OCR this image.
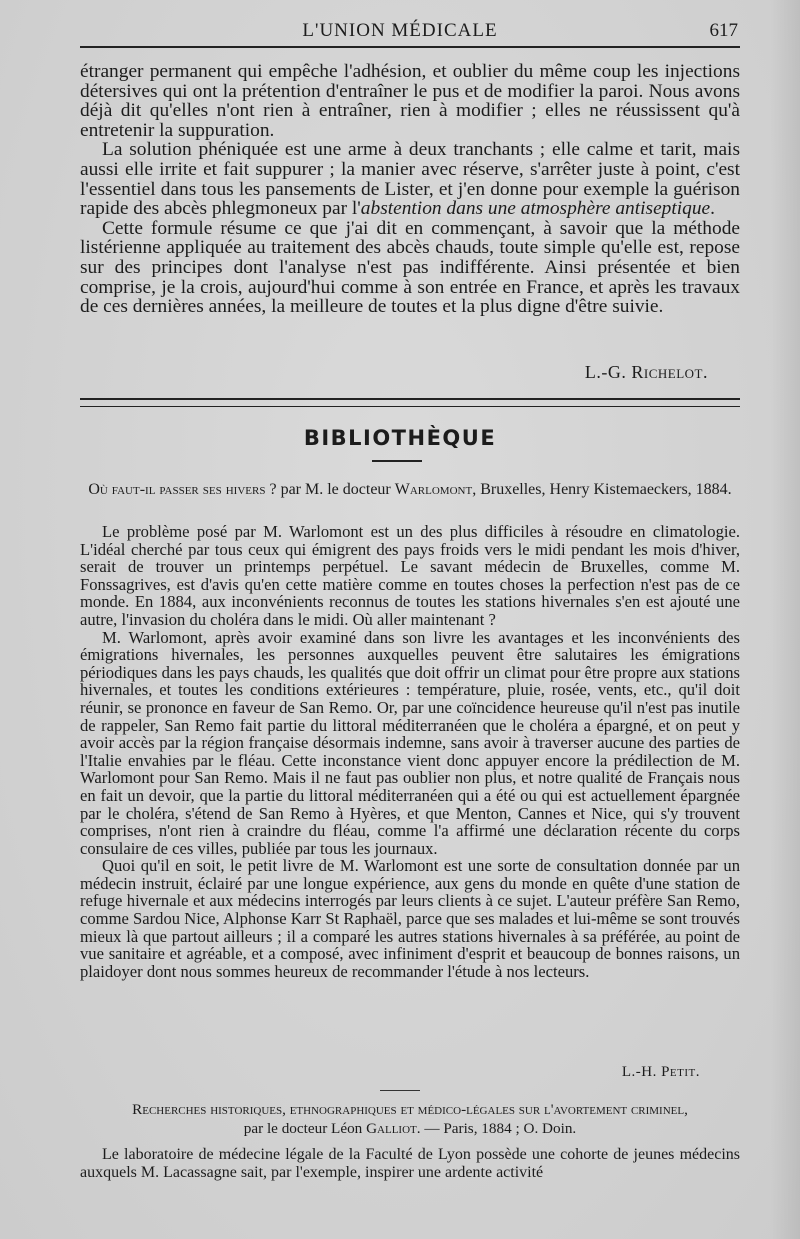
L'UNION MÉDICALE	617

étranger permanent qui empêche l'adhésion, et oublier du même coup les injections détersives qui ont la prétention d'entraîner le pus et de modifier la paroi. Nous avons déjà dit qu'elles n'ont rien à entraîner, rien à modifier ; elles ne réussissent qu'à entretenir la suppuration.

La solution phéniquée est une arme à deux tranchants ; elle calme et tarit, mais aussi elle irrite et fait suppurer ; la manier avec réserve, s'arrêter juste à point, c'est l'essentiel dans tous les pansements de Lister, et j'en donne pour exemple la guérison rapide des abcès phlegmoneux par l'abstention dans une atmosphère antiseptique.

Cette formule résume ce que j'ai dit en commençant, à savoir que la méthode listérienne appliquée au traitement des abcès chauds, toute simple qu'elle est, repose sur des principes dont l'analyse n'est pas indifférente. Ainsi présentée et bien comprise, je la crois, aujourd'hui comme à son entrée en France, et après les travaux de ces dernières années, la meilleure de toutes et la plus digne d'être suivie.

L.-G. Richelot.
BIBLIOTHÈQUE
Où faut-il passer ses hivers ? par M. le docteur Warlomont, Bruxelles, Henry Kistemaeckers, 1884.

Le problème posé par M. Warlomont est un des plus difficiles à résoudre en climatologie. L'idéal cherché par tous ceux qui émigrent des pays froids vers le midi pendant les mois d'hiver, serait de trouver un printemps perpétuel. Le savant médecin de Bruxelles, comme M. Fonssagrives, est d'avis qu'en cette matière comme en toutes choses la perfection n'est pas de ce monde. En 1884, aux inconvénients reconnus de toutes les stations hivernales s'en est ajouté une autre, l'invasion du choléra dans le midi. Où aller maintenant ?

M. Warlomont, après avoir examiné dans son livre les avantages et les inconvénients des émigrations hivernales, les personnes auxquelles peuvent être salutaires les émigrations périodiques dans les pays chauds, les qualités que doit offrir un climat pour être propre aux stations hivernales, et toutes les conditions extérieures : température, pluie, rosée, vents, etc., qu'il doit réunir, se prononce en faveur de San Remo. Or, par une coïncidence heureuse qu'il n'est pas inutile de rappeler, San Remo fait partie du littoral méditerranéen que le choléra a épargné, et on peut y avoir accès par la région française désormais indemne, sans avoir à traverser aucune des parties de l'Italie envahies par le fléau. Cette inconstance vient donc appuyer encore la prédilection de M. Warlomont pour San Remo. Mais il ne faut pas oublier non plus, et notre qualité de Français nous en fait un devoir, que la partie du littoral méditerranéen qui a été ou qui est actuellement épargnée par le choléra, s'étend de San Remo à Hyères, et que Menton, Cannes et Nice, qui s'y trouvent comprises, n'ont rien à craindre du fléau, comme l'a affirmé une déclaration récente du corps consulaire de ces villes, publiée par tous les journaux.

Quoi qu'il en soit, le petit livre de M. Warlomont est une sorte de consultation donnée par un médecin instruit, éclairé par une longue expérience, aux gens du monde en quête d'une station de refuge hivernale et aux médecins interrogés par leurs clients à ce sujet. L'auteur préfère San Remo, comme Sardou Nice, Alphonse Karr St Raphaël, parce que ses malades et lui-même se sont trouvés mieux là que partout ailleurs ; il a comparé les autres stations hivernales à sa préférée, au point de vue sanitaire et agréable, et a composé, avec infiniment d'esprit et beaucoup de bonnes raisons, un plaidoyer dont nous sommes heureux de recommander l'étude à nos lecteurs.

L.-H. Petit.
Recherches historiques, ethnographiques et médico-légales sur l'avortement criminel,
par le docteur Léon Galliot. — Paris, 1884 ; O. Doin.

Le laboratoire de médecine légale de la Faculté de Lyon possède une cohorte de jeunes médecins auxquels M. Lacassagne sait, par l'exemple, inspirer une ardente activité
